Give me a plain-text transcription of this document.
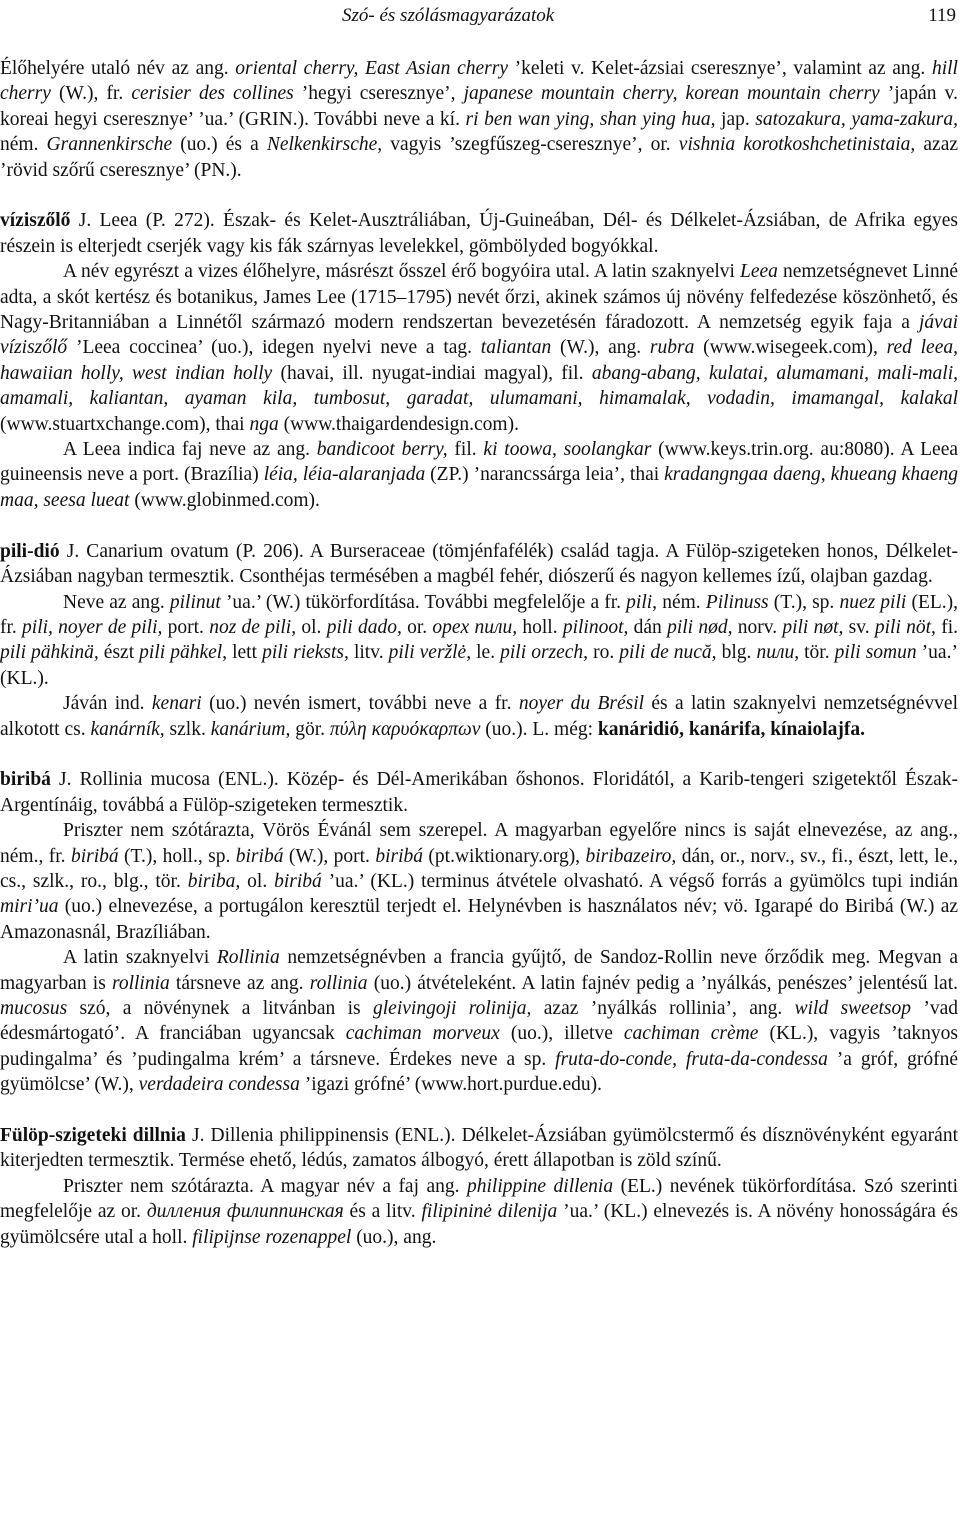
Szó- és szólásmagyarázatok	119

Élőhelyére utaló név az ang. oriental cherry, East Asian cherry ’keleti v. Kelet-ázsiai cseresznye’, valamint az ang. hill cherry (W.), fr. cerisier des collines ’hegyi cseresznye’, japanese mountain cherry, korean mountain cherry ’japán v. koreai hegyi cseresznye’ ’ua.’ (GRIN.). További neve a kí. ri ben wan ying, shan ying hua, jap. satozakura, yama-zakura, ném. Grannenkirsche (uo.) és a Nelkenkirsche, vagyis ’szegfűszeg-cseresznye’, or. vishnia korotkoshchetinistaia, azaz ’rövid szőrű cseresznye’ (PN.).

víziszőlő J. Leea (P. 272). Észak- és Kelet-Ausztráliában, Új-Guineában, Dél- és Délkelet-Ázsiában, de Afrika egyes részein is elterjedt cserjék vagy kis fák szárnyas levelekkel, gömbölyded bogyókkal.

A név egyrészt a vizes élőhelyre, másrészt ősszel érő bogyóira utal. A latin szaknyelvi Leea nemzetségnevet Linné adta, a skót kertész és botanikus, James Lee (1715–1795) nevét őrzi, akinek számos új növény felfedezése köszönhető, és Nagy-Britanniában a Linnétől származó modern rendszertan bevezetésén fáradozott. A nemzetség egyik faja a jávai víziszőlő ’Leea coccinea’ (uo.), idegen nyelvi neve a tag. taliantan (W.), ang. rubra (www.wisegeek.com), red leea, hawaiian holly, west indian holly (havai, ill. nyugat-indiai magyal), fil. abang-abang, kulatai, alumamani, mali-mali, amamali, kaliantan, ayaman kila, tumbosut, garadat, ulumamani, himamalak, vodadin, imamangal, kalakal (www.stuartxchange.com), thai nga (www.thaigardendesign.com).

A Leea indica faj neve az ang. bandicoot berry, fil. ki toowa, soolangkar (www.keys.trin.org. au:8080). A Leea guineensis neve a port. (Brazília) léia, léia-alaranjada (ZP.) ’narancssárga leia’, thai kradangngaa daeng, khueang khaeng maa, seesa lueat (www.globinmed.com).

pili-dió J. Canarium ovatum (P. 206). A Burseraceae (tömjénfafélék) család tagja. A Fülöp-szigeteken honos, Délkelet-Ázsiában nagyban termesztik. Csonthéjas termésében a magbél fehér, diószerű és nagyon kellemes ízű, olajban gazdag.

Neve az ang. pilinut ’ua.’ (W.) tükörfordítása. További megfelelője a fr. pili, ném. Pilinuss (T.), sp. nuez pili (EL.), fr. pili, noyer de pili, port. noz de pili, ol. pili dado, or. opex пили, holl. pilinoot, dán pili nød, norv. pili nøt, sv. pili nöt, fi. pili pähkinä, észt pili pähkel, lett pili rieksts, litv. pili veržlė, le. pili orzech, ro. pili de nucă, blg. пили, tör. pili somun ’ua.’ (KL.).

Jáván ind. kenari (uo.) nevén ismert, további neve a fr. noyer du Brésil és a latin szaknyelvi nemzetségnévvel alkotott cs. kanárník, szlk. kanárium, gör. πύλη καρυόκαρπων (uo.). L. még: kanáridió, kanárifa, kínaiolajfa.

biribá J. Rollinia mucosa (ENL.). Közép- és Dél-Amerikában őshonos. Floridától, a Karib-tengeri szigetektől Észak-Argentínáig, továbbá a Fülöp-szigeteken termesztik.

Priszter nem szótárazta, Vörös Évánál sem szerepel. A magyarban egyelőre nincs is saját elnevezése, az ang., ném., fr. biribá (T.), holl., sp. biribá (W.), port. biribá (pt.wiktionary.org), biribazeiro, dán, or., norv., sv., fi., észt, lett, le., cs., szlk., ro., blg., tör. biriba, ol. biribá ’ua.’ (KL.) terminus átvétele olvasható. A végső forrás a gyümölcs tupi indián miri’ua (uo.) elnevezése, a portugálon keresztül terjedt el. Helynévben is használatos név; vö. Igarapé do Biribá (W.) az Amazonasnál, Brazíliában.

A latin szaknyelvi Rollinia nemzetségnévben a francia gyűjtő, de Sandoz-Rollin neve őrződik meg. Megvan a magyarban is rollinia társneve az ang. rollinia (uo.) átvételeként. A latin fajnév pedig a ’nyálkás, penészes’ jelentésű lat. mucosus szó, a növénynek a litvánban is gleivingoji rolinija, azaz ’nyálkás rollinia’, ang. wild sweetsop ’vad édesmártogató’. A franciában ugyancsak cachiman morveux (uo.), illetve cachiman crème (KL.), vagyis ’taknyos pudingalma’ és ’pudingalma krém’ a társneve. Érdekes neve a sp. fruta-do-conde, fruta-da-condessa ’a gróf, grófné gyümölcse’ (W.), verdadeira condessa ’igazi grófné’ (www.hort.purdue.edu).

Fülöp-szigeteki dillnia J. Dillenia philippinensis (ENL.). Délkelet-Ázsiában gyümölcstermő és dísznövényként egyaránt kiterjedten termesztik. Termése ehető, lédús, zamatos álbogyó, érett állapotban is zöld színű.

Priszter nem szótárazta. A magyar név a faj ang. philippine dillenia (EL.) nevének tükörfordítása. Szó szerinti megfelelője az or. дилления филиппинская és a litv. filipininė dilenija ’ua.’ (KL.) elnevezés is. A növény honosságára és gyümölcsére utal a holl. filipijnse rozenappel (uo.), ang.
